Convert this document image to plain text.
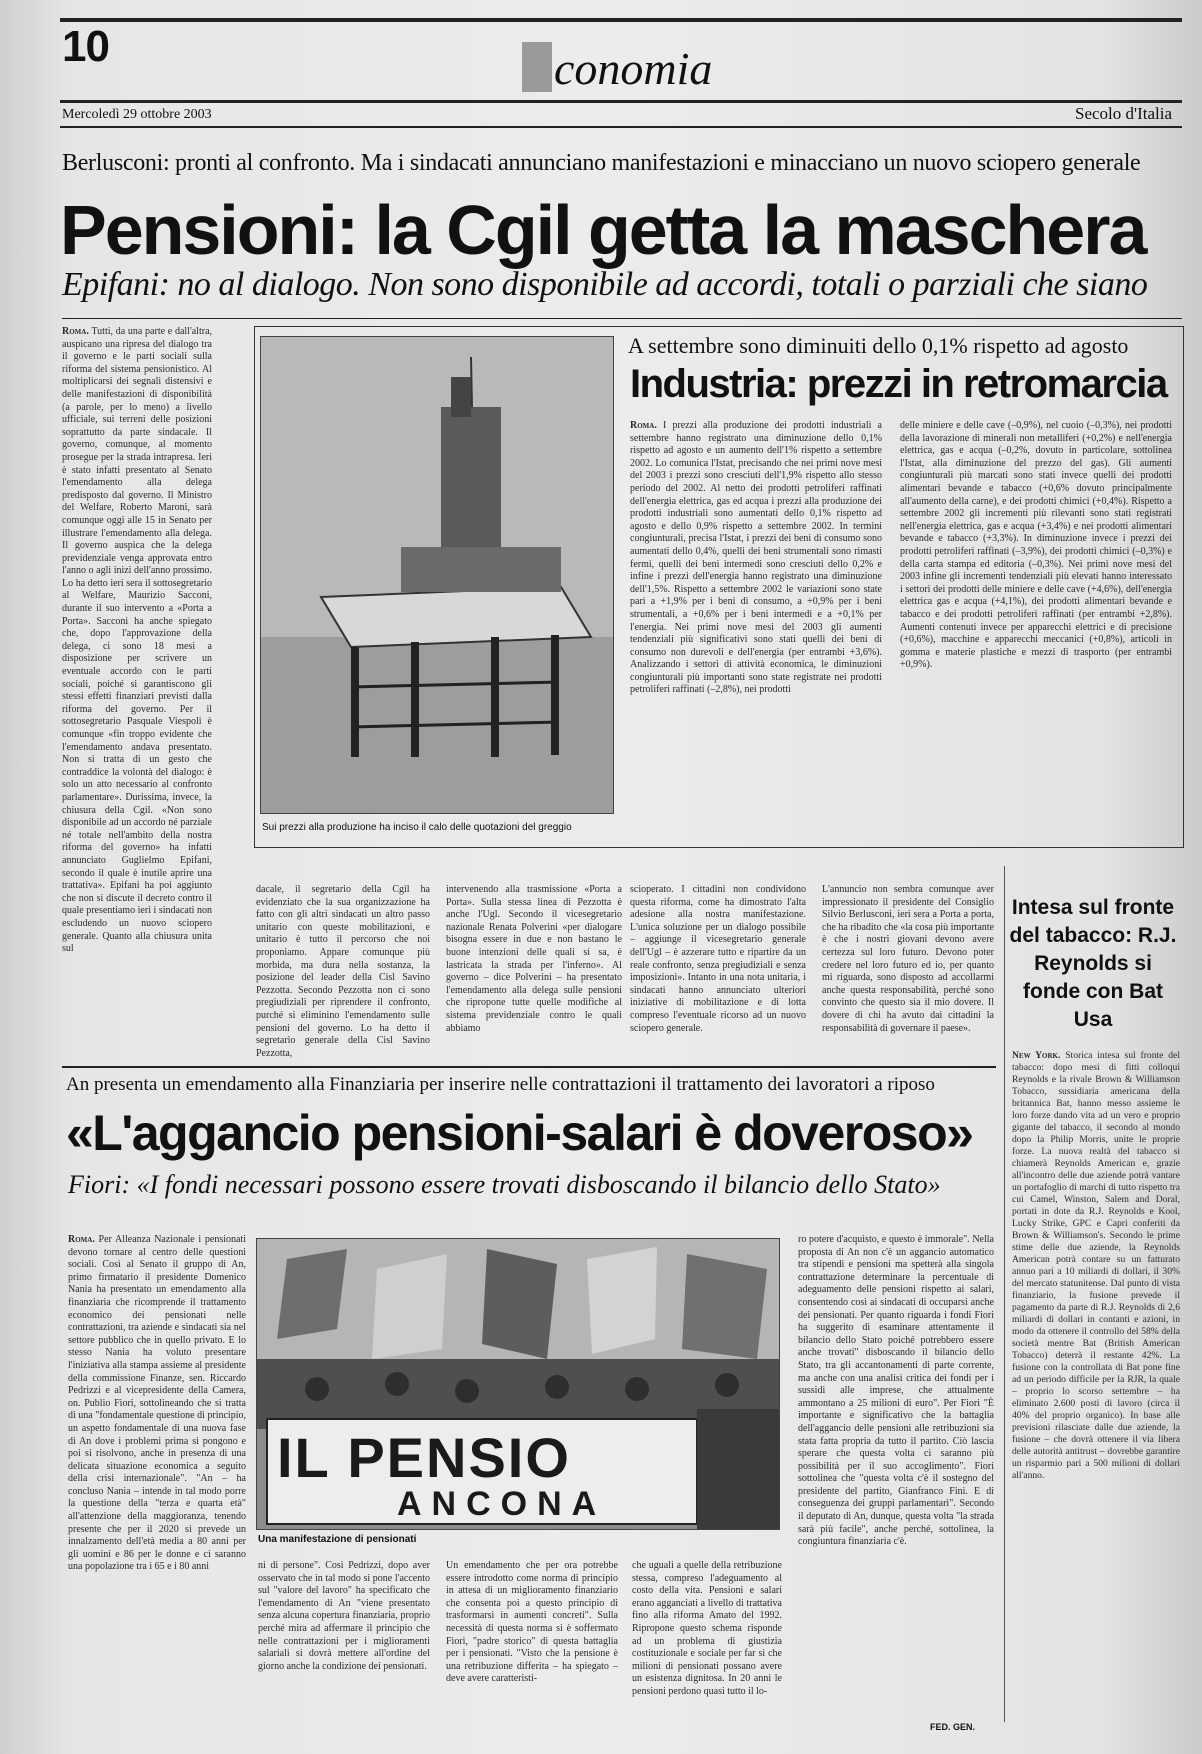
10	conomia
Mercoledì 29 ottobre 2003	Secolo d'Italia
Berlusconi: pronti al confronto. Ma i sindacati annunciano manifestazioni e minacciano un nuovo sciopero generale
Pensioni: la Cgil getta la maschera
Epifani: no al dialogo. Non sono disponibile ad accordi, totali o parziali che siano
Roma. Tutti, da una parte e dall'altra, auspicano una ripresa del dialogo tra il governo e le parti sociali sulla riforma del sistema pensionistico. Al moltiplicarsi dei segnali distensivi e delle manifestazioni di disponibilità (a parole, per lo meno) a livello ufficiale, sui terreni delle posizioni soprattutto da parte sindacale. Il governo, comunque, al momento prosegue per la strada intrapresa. Ieri è stato infatti presentato al Senato l'emendamento alla delega predisposto dal governo. Il Ministro del Welfare, Roberto Maroni, sarà comunque oggi alle 15 in Senato per illustrare l'emendamento alla delega. Il governo auspica che la delega previdenziale venga approvata entro l'anno o agli inizi dell'anno prossimo. Lo ha detto ieri sera il sottosegretario al Welfare, Maurizio Sacconi, durante il suo intervento a «Porta a Porta». Sacconi ha anche spiegato che, dopo l'approvazione della delega, ci sono 18 mesi a disposizione per scrivere un eventuale accordo con le parti sociali, poiché si garantiscono gli stessi effetti finanziari previsti dalla riforma del governo. Per il sottosegretario Pasquale Viespoli è comunque «fin troppo evidente che l'emendamento andava presentato. Non si tratta di un gesto che contraddice la volontà del dialogo: è solo un atto necessario al confronto parlamentare». Durissima, invece, la chiusura della Cgil. «Non sono disponibile ad un accordo né parziale né totale nell'ambito della nostra riforma del governo» ha infatti annunciato Guglielmo Epifani, secondo il quale è inutile aprire una trattativa». Epifani ha poi aggiunto che non si discute il decreto contro il quale presentiamo ieri i sindacati non escludendo un nuovo sciopero generale. Quanto alla chiusura unita sul
Sui prezzi alla produzione ha inciso il calo delle quotazioni del greggio
A settembre sono diminuiti dello 0,1% rispetto ad agosto
Industria: prezzi in retromarcia
Roma. I prezzi alla produzione dei prodotti industriali a settembre hanno registrato una diminuzione dello 0,1% rispetto ad agosto e un aumento dell'1% rispetto a settembre 2002. Lo comunica l'Istat, precisando che nei primi nove mesi del 2003 i prezzi sono cresciuti dell'1,9% rispetto allo stesso periodo del 2002. Al netto dei prodotti petroliferi raffinati dell'energia elettrica, gas ed acqua i prezzi alla produzione dei prodotti industriali sono aumentati dello 0,1% rispetto ad agosto e dello 0,9% rispetto a settembre 2002. In termini congiunturali, precisa l'Istat, i prezzi dei beni di consumo sono aumentati dello 0,4%, quelli dei beni strumentali sono rimasti fermi, quelli dei beni intermedi sono cresciuti dello 0,2% e infine i prezzi dell'energia hanno registrato una diminuzione dell'1,5%. Rispetto a settembre 2002 le variazioni sono state pari a +1,9% per i beni di consumo, a +0,9% per i beni strumentali, a +0,6% per i beni intermedi e a +0,1% per l'energia. Nei primi nove mesi del 2003 gli aumenti tendenziali più significativi sono stati quelli dei beni di consumo non durevoli e dell'energia (per entrambi +3,6%). Analizzando i settori di attività economica, le diminuzioni congiunturali più importanti sono state registrate nei prodotti petroliferi raffinati (–2,8%), nei prodotti
delle miniere e delle cave (–0,9%), nel cuoio (–0,3%), nei prodotti della lavorazione di minerali non metalliferi (+0,2%) e nell'energia elettrica, gas e acqua (–0,2%, dovuto in particolare, sottolinea l'Istat, alla diminuzione del prezzo del gas). Gli aumenti congiunturali più marcati sono stati invece quelli dei prodotti alimentari bevande e tabacco (+0,6% dovuto principalmente all'aumento della carne), e dei prodotti chimici (+0,4%). Rispetto a settembre 2002 gli incrementi più rilevanti sono stati registrati nell'energia elettrica, gas e acqua (+3,4%) e nei prodotti alimentari bevande e tabacco (+3,3%). In diminuzione invece i prezzi dei prodotti petroliferi raffinati (–3,9%), dei prodotti chimici (–0,3%) e della carta stampa ed editoria (–0,3%). Nei primi nove mesi del 2003 infine gli incrementi tendenziali più elevati hanno interessato i settori dei prodotti delle miniere e delle cave (+4,6%), dell'energia elettrica gas e acqua (+4,1%), dei prodotti alimentari bevande e tabacco e dei prodotti petroliferi raffinati (per entrambi +2,8%). Aumenti contenuti invece per apparecchi elettrici e di precisione (+0,6%), macchine e apparecchi meccanici (+0,8%), articoli in gomma e materie plastiche e mezzi di trasporto (per entrambi +0,9%).
dacale, il segretario della Cgil ha evidenziato che la sua organizzazione ha fatto con gli altri sindacati un altro passo unitario con queste mobilitazioni, e unitario è tutto il percorso che noi proponiamo. Appare comunque più morbida, ma dura nella sostanza, la posizione del leader della Cisl Savino Pezzotta. Secondo Pezzotta non ci sono pregiudiziali per riprendere il confronto, purché si eliminino l'emendamento sulle pensioni del governo. Lo ha detto il segretario generale della Cisl Savino Pezzotta,
intervenendo alla trasmissione «Porta a Porta». Sulla stessa linea di Pezzotta è anche l'Ugl. Secondo il vicesegretario nazionale Renata Polverini «per dialogare bisogna essere in due e non bastano le buone intenzioni delle quali si sa, è lastricata la strada per l'inferno». Al governo – dice Polverini – ha presentato l'emendamento alla delega sulle pensioni che ripropone tutte quelle modifiche al sistema previdenziale contro le quali abbiamo
scioperato. I cittadini non condividono questa riforma, come ha dimostrato l'alta adesione alla nostra manifestazione. L'unica soluzione per un dialogo possibile – aggiunge il vicesegretario generale dell'Ugl – è azzerare tutto e ripartire da un reale confronto, senza pregiudiziali e senza imposizioni». Intanto in una nota unitaria, i sindacati hanno annunciato ulteriori iniziative di mobilitazione e di lotta compreso l'eventuale ricorso ad un nuovo sciopero generale.
L'annuncio non sembra comunque aver impressionato il presidente del Consiglio Silvio Berlusconi, ieri sera a Porta a porta, che ha ribadito che «la cosa più importante è che i nostri giovani devono avere certezza sul loro futuro. Devono poter credere nel loro futuro ed io, per quanto mi riguarda, sono disposto ad accollarmi anche questa responsabilità, perché sono convinto che questo sia il mio dovere. Il dovere di chi ha avuto dai cittadini la responsabilità di governare il paese».
Intesa sul fronte del tabacco: R.J. Reynolds si fonde con Bat Usa
New York. Storica intesa sul fronte del tabacco: dopo mesi di fitti colloqui Reynolds e la rivale Brown & Williamson Tobacco, sussidiaria americana della britannica Bat, hanno messo assieme le loro forze dando vita ad un vero e proprio gigante del tabacco, il secondo al mondo dopo la Philip Morris, unite le proprie forze. La nuova realtà del tabacco si chiamerà Reynolds American e, grazie all'incontro delle due aziende potrà vantare un portafoglio di marchi di tutto rispetto tra cui Camel, Winston, Salem and Doral, portati in dote da R.J. Reynolds e Kool, Lucky Strike, GPC e Capri conferiti da Brown & Williamson's. Secondo le prime stime delle due aziende, la Reynolds American potrà contare su un fatturato annuo pari a 10 miliardi di dollari, il 30% del mercato statunitense. Dal punto di vista finanziario, la fusione prevede il pagamento da parte di R.J. Reynolds di 2,6 miliardi di dollari in contanti e azioni, in modo da ottenere il controllo del 58% della società mentre Bat (British American Tobacco) deterrà il restante 42%. La fusione con la controllata di Bat pone fine ad un periodo difficile per la RJR, la quale – proprio lo scorso settembre – ha eliminato 2.600 posti di lavoro (circa il 40% del proprio organico). In base alle previsioni rilasciate dalle due aziende, la fusione – che dovrà ottenere il via libera delle autorità antitrust – dovrebbe garantire un risparmio pari a 500 milioni di dollari all'anno.
An presenta un emendamento alla Finanziaria per inserire nelle contrattazioni il trattamento dei lavoratori a riposo
«L'aggancio pensioni-salari è doveroso»
Fiori: «I fondi necessari possono essere trovati disboscando il bilancio dello Stato»
Roma. Per Alleanza Nazionale i pensionati devono tornare al centro delle questioni sociali. Così al Senato il gruppo di An, primo firmatario il presidente Domenico Nania ha presentato un emendamento alla finanziaria che ricomprende il trattamento economico dei pensionati nelle contrattazioni, tra aziende e sindacati sia nel settore pubblico che in quello privato. E lo stesso Nania ha voluto presentare l'iniziativa alla stampa assieme al presidente della commissione Finanze, sen. Riccardo Pedrizzi e al vicepresidente della Camera, on. Publio Fiori, sottolineando che si tratta di una "fondamentale questione di principio, un aspetto fondamentale di una nuova fase di An dove i problemi prima si pongono e poi si risolvono, anche in presenza di una delicata situazione economica a seguito della crisi internazionale". "An – ha concluso Nania – intende in tal modo porre la questione della "terza e quarta età" all'attenzione della maggioranza, tenendo presente che per il 2020 si prevede un innalzamento dell'età media a 80 anni per gli uomini e 86 per le donne e ci saranno una popolazione tra i 65 e i 80 anni
IL PENSIO
ANCONA
Una manifestazione di pensionati
ni di persone". Così Pedrizzi, dopo aver osservato che in tal modo si pone l'accento sul "valore del lavoro" ha specificato che l'emendamento di An "viene presentato senza alcuna copertura finanziaria, proprio perché mira ad affermare il principio che nelle contrattazioni per i miglioramenti salariali si dovrà mettere all'ordine del giorno anche la condizione dei pensionati.
Un emendamento che per ora potrebbe essere introdotto come norma di principio in attesa di un miglioramento finanziario che consenta poi a questo principio di trasformarsi in aumenti concreti". Sulla necessità di questa norma si è soffermato Fiori, "padre storico" di questa battaglia per i pensionati. "Visto che la pensione è una retribuzione differita – ha spiegato – deve avere caratteristi-
che uguali a quelle della retribuzione stessa, compreso l'adeguamento al costo della vita. Pensioni e salari erano agganciati a livello di trattativa fino alla riforma Amato del 1992. Ripropone questo schema risponde ad un problema di giustizia costituzionale e sociale per far sì che milioni di pensionati possano avere un esistenza dignitosa. In 20 anni le pensioni perdono quasi tutto il lo-
ro potere d'acquisto, e questo è immorale". Nella proposta di An non c'è un aggancio automatico tra stipendi e pensioni ma spetterà alla singola contrattazione determinare la percentuale di adeguamento delle pensioni rispetto ai salari, consentendo così ai sindacati di occuparsi anche dei pensionati. Per quanto riguarda i fondi Fiori ha suggerito di esaminare attentamente il bilancio dello Stato poiché potrebbero essere anche trovati" disboscando il bilancio dello Stato, tra gli accantonamenti di parte corrente, ma anche con una analisi critica dei fondi per i sussidi alle imprese, che attualmente ammontano a 25 milioni di euro". Per Fiori "È importante e significativo che la battaglia dell'aggancio delle pensioni alle retribuzioni sia stata fatta propria da tutto il partito. Ciò lascia sperare che questa volta ci saranno più possibilità per il suo accoglimento". Fiori sottolinea che "questa volta c'è il sostegno del presidente del partito, Gianfranco Fini. E di conseguenza dei gruppi parlamentari". Secondo il deputato di An, dunque, questa volta "la strada sarà più facile", anche perché, sottolinea, la congiuntura finanziaria c'è.
FED. GEN.
